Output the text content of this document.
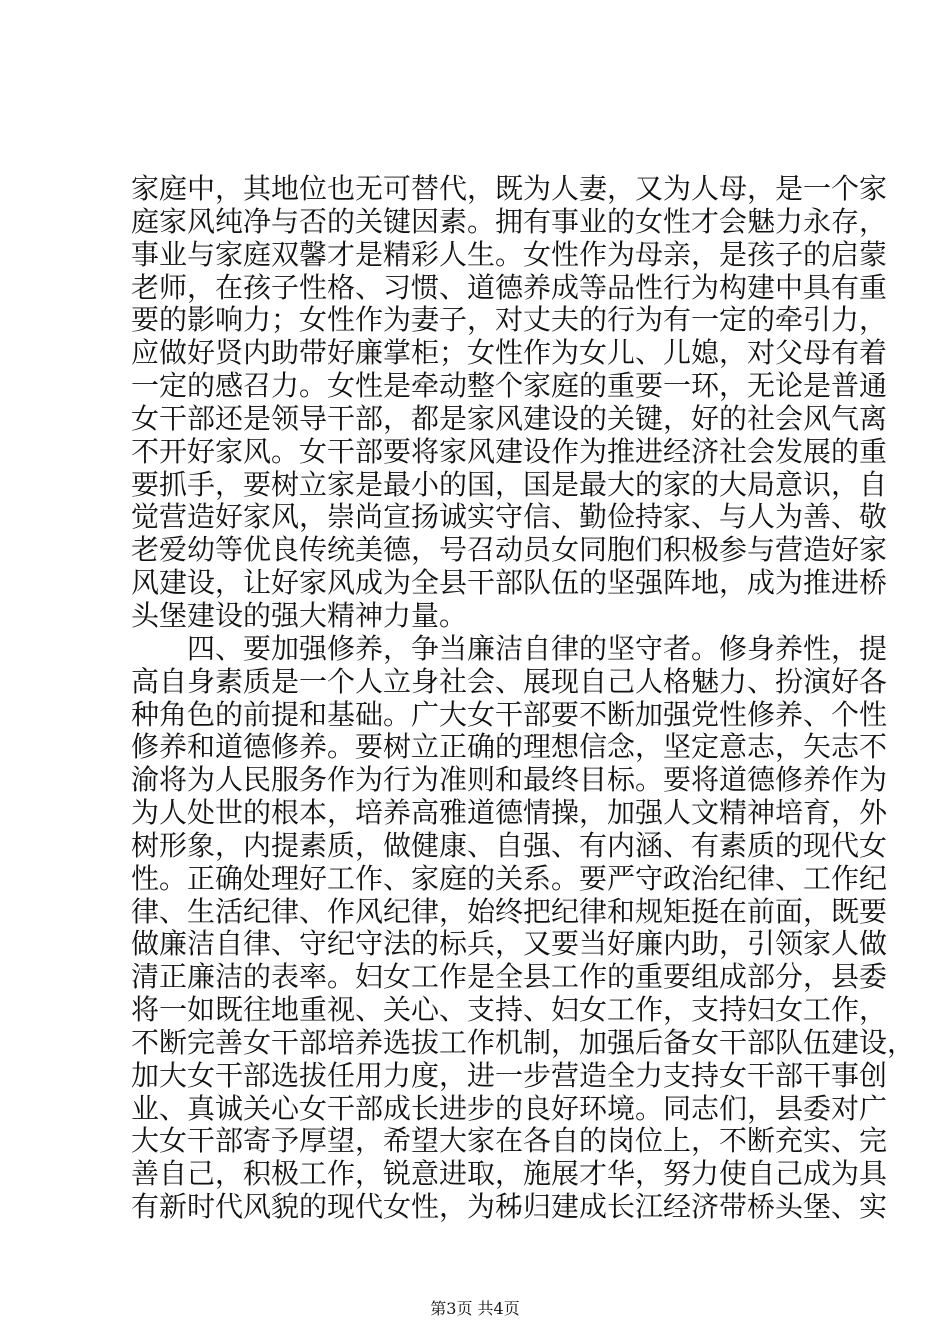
家庭中，其地位也无可替代，既为人妻，又为人母，是一个家
庭家风纯净与否的关键因素。拥有事业的女性才会魅力永存，
事业与家庭双馨才是精彩人生。女性作为母亲，是孩子的启蒙
老师，在孩子性格、习惯、道德养成等品性行为构建中具有重
要的影响力；女性作为妻子，对丈夫的行为有一定的牵引力，
应做好贤内助带好廉掌柜；女性作为女儿、儿媳，对父母有着
一定的感召力。女性是牵动整个家庭的重要一环，无论是普通
女干部还是领导干部，都是家风建设的关键，好的社会风气离
不开好家风。女干部要将家风建设作为推进经济社会发展的重
要抓手，要树立家是最小的国，国是最大的家的大局意识，自
觉营造好家风，崇尚宣扬诚实守信、勤俭持家、与人为善、敬
老爱幼等优良传统美德，号召动员女同胞们积极参与营造好家
风建设，让好家风成为全县干部队伍的坚强阵地，成为推进桥
头堡建设的强大精神力量。
　　四、要加强修养，争当廉洁自律的坚守者。修身养性，提
高自身素质是一个人立身社会、展现自己人格魅力、扮演好各
种角色的前提和基础。广大女干部要不断加强党性修养、个性
修养和道德修养。要树立正确的理想信念，坚定意志，矢志不
渝将为人民服务作为行为准则和最终目标。要将道德修养作为
为人处世的根本，培养高雅道德情操，加强人文精神培育，外
树形象，内提素质，做健康、自强、有内涵、有素质的现代女
性。正确处理好工作、家庭的关系。要严守政治纪律、工作纪
律、生活纪律、作风纪律，始终把纪律和规矩挺在前面，既要
做廉洁自律、守纪守法的标兵，又要当好廉内助，引领家人做
清正廉洁的表率。妇女工作是全县工作的重要组成部分，县委
将一如既往地重视、关心、支持、妇女工作，支持妇女工作，
不断完善女干部培养选拔工作机制，加强后备女干部队伍建设，
加大女干部选拔任用力度，进一步营造全力支持女干部干事创
业、真诚关心女干部成长进步的良好环境。同志们，县委对广
大女干部寄予厚望，希望大家在各自的岗位上，不断充实、完
善自己，积极工作，锐意进取，施展才华，努力使自己成为具
有新时代风貌的现代女性，为秭归建成长江经济带桥头堡、实
第3页 共4页
